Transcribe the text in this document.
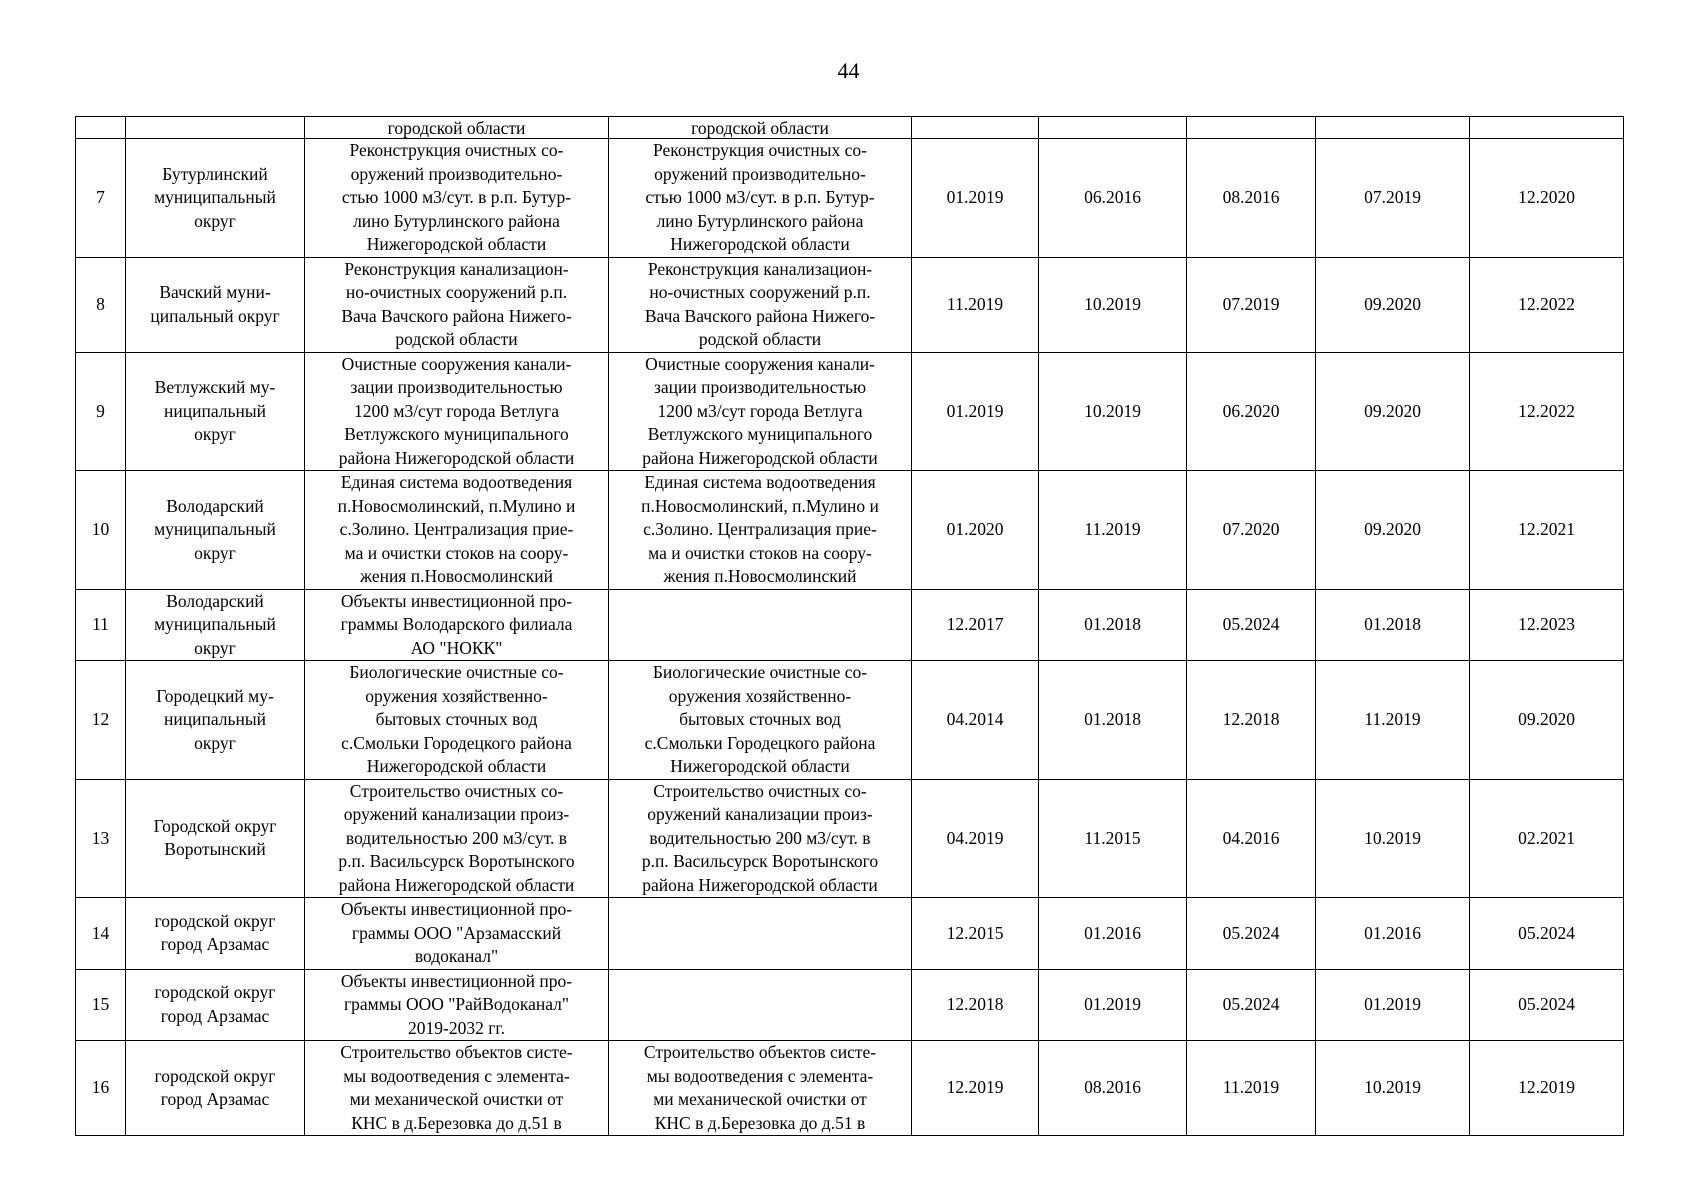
44
		городской области	городской области					
7	Бутурлинский
муниципальный
округ	Реконструкция очистных со-
оружений производительно-
стью 1000 м3/сут. в р.п. Бутур-
лино Бутурлинского района
Нижегородской области	Реконструкция очистных со-
оружений производительно-
стью 1000 м3/сут. в р.п. Бутур-
лино Бутурлинского района
Нижегородской области	01.2019	06.2016	08.2016	07.2019	12.2020
8	Вачский муни-
ципальный округ	Реконструкция канализацион-
но-очистных сооружений р.п.
Вача Вачского района Нижего-
родской области	Реконструкция канализацион-
но-очистных сооружений р.п.
Вача Вачского района Нижего-
родской области	11.2019	10.2019	07.2019	09.2020	12.2022
9	Ветлужский му-
ниципальный
округ	Очистные сооружения канали-
зации производительностью
1200 м3/сут города Ветлуга
Ветлужского муниципального
района Нижегородской области	Очистные сооружения канали-
зации производительностью
1200 м3/сут города Ветлуга
Ветлужского муниципального
района Нижегородской области	01.2019	10.2019	06.2020	09.2020	12.2022
10	Володарский
муниципальный
округ	Единая система водоотведения
п.Новосмолинский, п.Мулино и
с.Золино. Централизация прие-
ма и очистки стоков на соору-
жения п.Новосмолинский	Единая система водоотведения
п.Новосмолинский, п.Мулино и
с.Золино. Централизация прие-
ма и очистки стоков на соору-
жения п.Новосмолинский	01.2020	11.2019	07.2020	09.2020	12.2021
11	Володарский
муниципальный
округ	Объекты инвестиционной про-
граммы Володарского филиала
АО "НОКК"		12.2017	01.2018	05.2024	01.2018	12.2023
12	Городецкий му-
ниципальный
округ	Биологические очистные со-
оружения хозяйственно-
бытовых сточных вод
с.Смольки Городецкого района
Нижегородской области	Биологические очистные со-
оружения хозяйственно-
бытовых сточных вод
с.Смольки Городецкого района
Нижегородской области	04.2014	01.2018	12.2018	11.2019	09.2020
13	Городской округ
Воротынский	Строительство очистных со-
оружений канализации произ-
водительностью 200 м3/сут. в
р.п. Васильсурск Воротынского
района Нижегородской области	Строительство очистных со-
оружений канализации произ-
водительностью 200 м3/сут. в
р.п. Васильсурск Воротынского
района Нижегородской области	04.2019	11.2015	04.2016	10.2019	02.2021
14	городской округ
город Арзамас	Объекты инвестиционной про-
граммы ООО "Арзамасский
водоканал"		12.2015	01.2016	05.2024	01.2016	05.2024
15	городской округ
город Арзамас	Объекты инвестиционной про-
граммы ООО "РайВодоканал"
2019-2032 гг.		12.2018	01.2019	05.2024	01.2019	05.2024
16	городской округ
город Арзамас	Строительство объектов систе-
мы водоотведения с элемента-
ми механической очистки от
КНС в д.Березовка до д.51 в	Строительство объектов систе-
мы водоотведения с элемента-
ми механической очистки от
КНС в д.Березовка до д.51 в	12.2019	08.2016	11.2019	10.2019	12.2019
